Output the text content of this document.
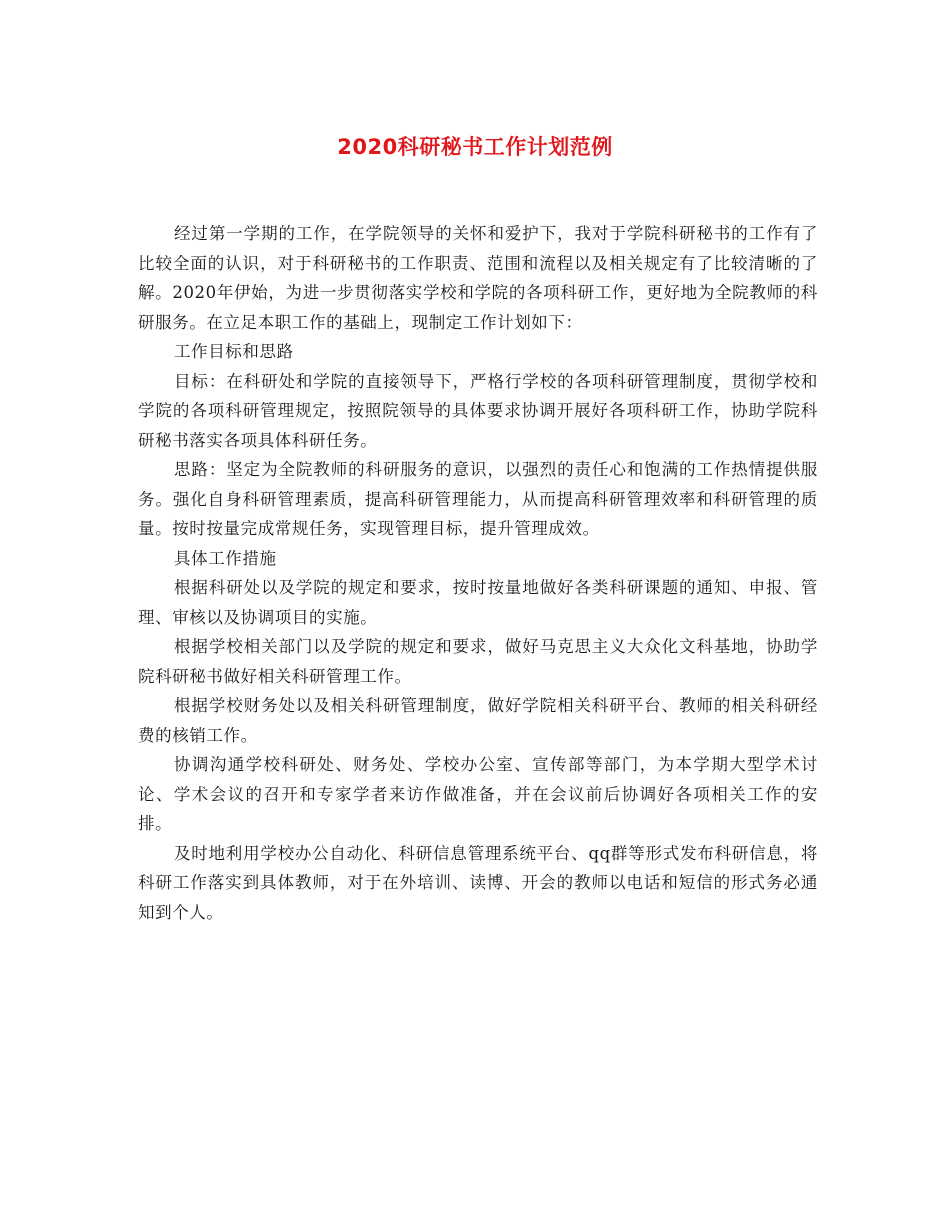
2020科研秘书工作计划范例

经过第一学期的工作，在学院领导的关怀和爱护下，我对于学院科研秘书的工作有了比较全面的认识，对于科研秘书的工作职责、范围和流程以及相关规定有了比较清晰的了解。2020年伊始，为进一步贯彻落实学校和学院的各项科研工作，更好地为全院教师的科研服务。在立足本职工作的基础上，现制定工作计划如下：

工作目标和思路

目标：在科研处和学院的直接领导下，严格行学校的各项科研管理制度，贯彻学校和学院的各项科研管理规定，按照院领导的具体要求协调开展好各项科研工作，协助学院科研秘书落实各项具体科研任务。

思路：坚定为全院教师的科研服务的意识，以强烈的责任心和饱满的工作热情提供服务。强化自身科研管理素质，提高科研管理能力，从而提高科研管理效率和科研管理的质量。按时按量完成常规任务，实现管理目标，提升管理成效。

具体工作措施

根据科研处以及学院的规定和要求，按时按量地做好各类科研课题的通知、申报、管理、审核以及协调项目的实施。

根据学校相关部门以及学院的规定和要求，做好马克思主义大众化文科基地，协助学院科研秘书做好相关科研管理工作。

根据学校财务处以及相关科研管理制度，做好学院相关科研平台、教师的相关科研经费的核销工作。

协调沟通学校科研处、财务处、学校办公室、宣传部等部门，为本学期大型学术讨论、学术会议的召开和专家学者来访作做准备，并在会议前后协调好各项相关工作的安排。

及时地利用学校办公自动化、科研信息管理系统平台、qq群等形式发布科研信息，将科研工作落实到具体教师，对于在外培训、读博、开会的教师以电话和短信的形式务必通知到个人。
